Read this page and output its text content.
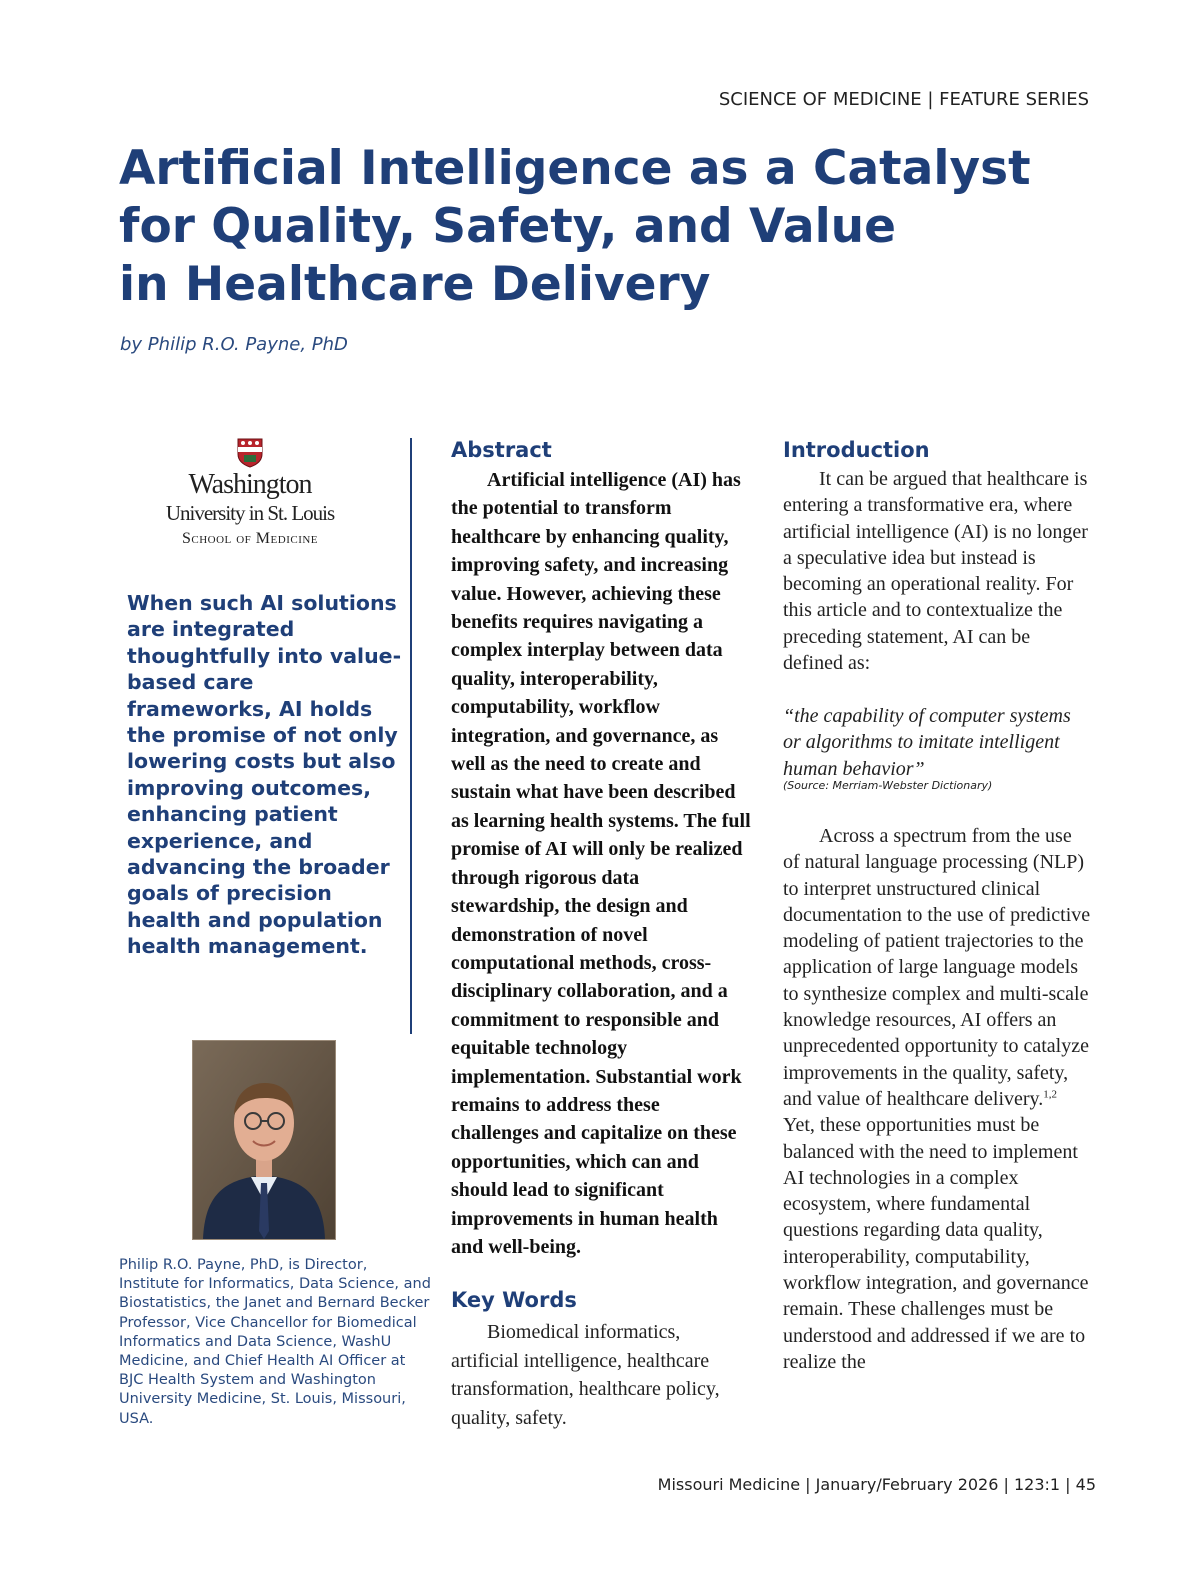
SCIENCE OF MEDICINE | FEATURE SERIES
Artificial Intelligence as a Catalyst
for Quality, Safety, and Value
in Healthcare Delivery
by Philip R.O. Payne, PhD
Washington
University in St. Louis
School of Medicine

When such AI solutions are integrated thoughtfully into value-based care frameworks, AI holds the promise of not only lowering costs but also improving outcomes, enhancing patient experience, and advancing the broader goals of precision health and population health management.

Philip R.O. Payne, PhD, is Director, Institute for Informatics, Data Science, and Biostatistics, the Janet and Bernard Becker Professor, Vice Chancellor for Biomedical Informatics and Data Science, WashU Medicine, and Chief Health AI Officer at BJC Health System and Washington University Medicine, St. Louis, Missouri, USA.

Abstract

Artificial intelligence (AI) has the potential to transform healthcare by enhancing quality, improving safety, and increasing value. However, achieving these benefits requires navigating a complex interplay between data quality, interoperability, computability, workflow integration, and governance, as well as the need to create and sustain what have been described as learning health systems. The full promise of AI will only be realized through rigorous data stewardship, the design and demonstration of novel computational methods, cross-disciplinary collaboration, and a commitment to responsible and equitable technology implementation. Substantial work remains to address these challenges and capitalize on these opportunities, which can and should lead to significant improvements in human health and well-being.

Key Words

Biomedical informatics, artificial intelligence, healthcare transformation, healthcare policy, quality, safety.

Introduction

It can be argued that healthcare is entering a transformative era, where artificial intelligence (AI) is no longer a speculative idea but instead is becoming an operational reality. For this article and to contextualize the preceding statement, AI can be defined as:

“the capability of computer systems or algorithms to imitate intelligent human behavior”

(Source: Merriam-Webster Dictionary)

Across a spectrum from the use of natural language processing (NLP) to interpret unstructured clinical documentation to the use of predictive modeling of patient trajectories to the application of large language models to synthesize complex and multi-scale knowledge resources, AI offers an unprecedented opportunity to catalyze improvements in the quality, safety, and value of healthcare delivery.$^{1,2}$ Yet, these opportunities must be balanced with the need to implement AI technologies in a complex ecosystem, where fundamental questions regarding data quality, interoperability, computability, workflow integration, and governance remain. These challenges must be understood and addressed if we are to realize the

Missouri Medicine | January/February 2026 | 123:1 | 45
